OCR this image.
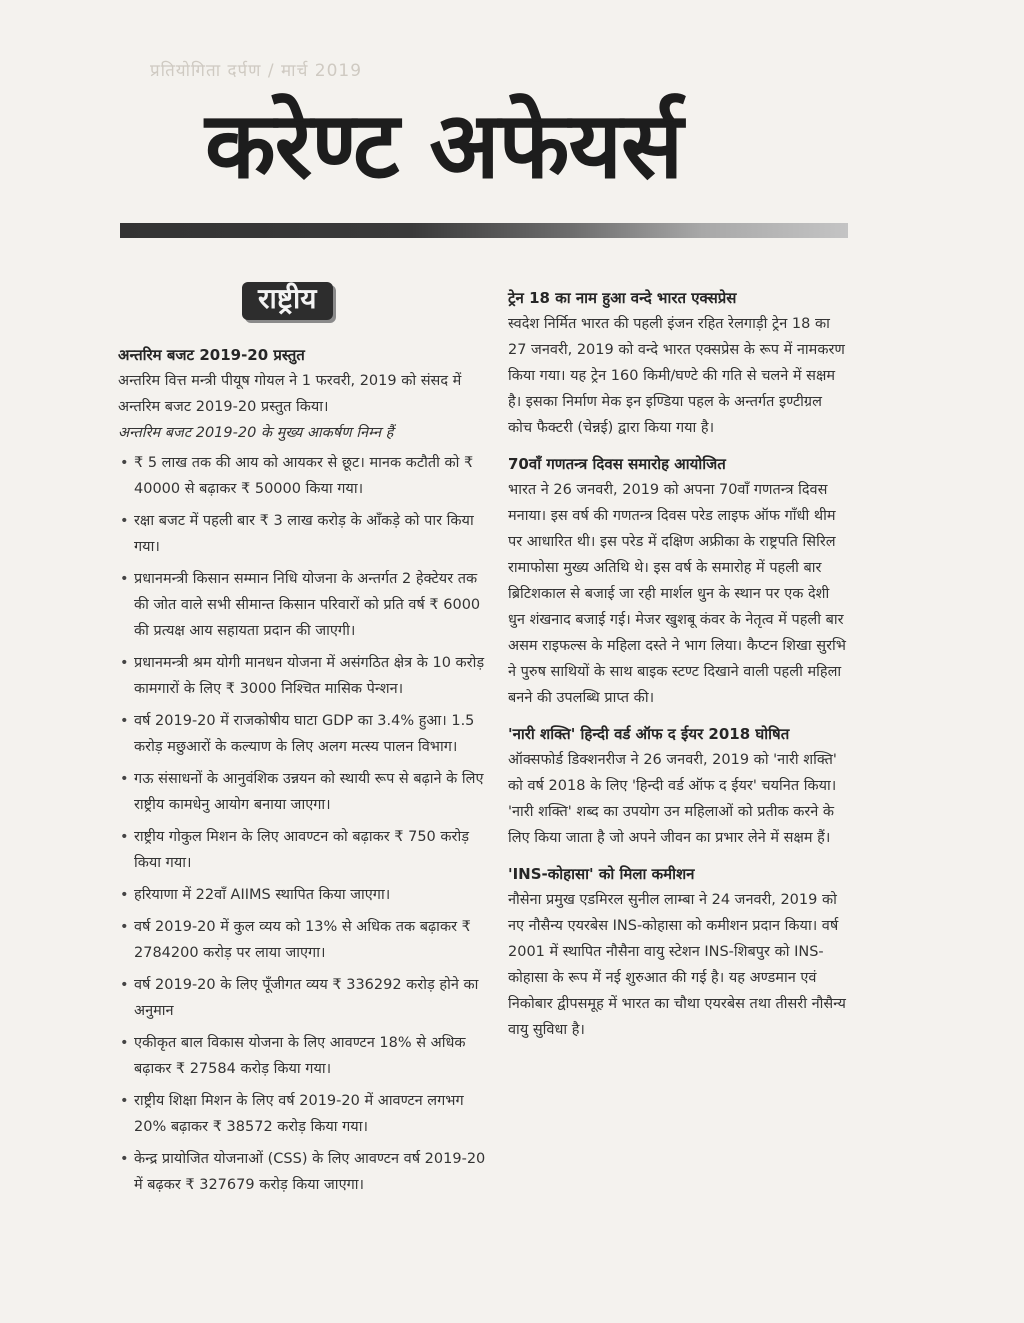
प्रतियोगिता दर्पण / मार्च 2019
करेण्ट अफेयर्स
राष्ट्रीय
अन्तरिम बजट 2019-20 प्रस्तुत

अन्तरिम वित्त मन्त्री पीयूष गोयल ने 1 फरवरी, 2019 को संसद में अन्तरिम बजट 2019-20 प्रस्तुत किया।

अन्तरिम बजट 2019-20 के मुख्य आकर्षण निम्न हैं

• ₹ 5 लाख तक की आय को आयकर से छूट। मानक कटौती को ₹ 40000 से बढ़ाकर ₹ 50000 किया गया।
• रक्षा बजट में पहली बार ₹ 3 लाख करोड़ के आँकड़े को पार किया गया।
• प्रधानमन्त्री किसान सम्मान निधि योजना के अन्तर्गत 2 हेक्टेयर तक की जोत वाले सभी सीमान्त किसान परिवारों को प्रति वर्ष ₹ 6000 की प्रत्यक्ष आय सहायता प्रदान की जाएगी।
• प्रधानमन्त्री श्रम योगी मानधन योजना में असंगठित क्षेत्र के 10 करोड़ कामगारों के लिए ₹ 3000 निश्चित मासिक पेन्शन।
• वर्ष 2019-20 में राजकोषीय घाटा GDP का 3.4% हुआ। 1.5 करोड़ मछुआरों के कल्याण के लिए अलग मत्स्य पालन विभाग।
• गऊ संसाधनों के आनुवंशिक उन्नयन को स्थायी रूप से बढ़ाने के लिए राष्ट्रीय कामधेनु आयोग बनाया जाएगा।
• राष्ट्रीय गोकुल मिशन के लिए आवण्टन को बढ़ाकर ₹ 750 करोड़ किया गया।
• हरियाणा में 22वाँ AIIMS स्थापित किया जाएगा।
• वर्ष 2019-20 में कुल व्यय को 13% से अधिक तक बढ़ाकर ₹ 2784200 करोड़ पर लाया जाएगा।
• वर्ष 2019-20 के लिए पूँजीगत व्यय ₹ 336292 करोड़ होने का अनुमान
• एकीकृत बाल विकास योजना के लिए आवण्टन 18% से अधिक बढ़ाकर ₹ 27584 करोड़ किया गया।
• राष्ट्रीय शिक्षा मिशन के लिए वर्ष 2019-20 में आवण्टन लगभग 20% बढ़ाकर ₹ 38572 करोड़ किया गया।
• केन्द्र प्रायोजित योजनाओं (CSS) के लिए आवण्टन वर्ष 2019-20 में बढ़कर ₹ 327679 करोड़ किया जाएगा।
ट्रेन 18 का नाम हुआ वन्दे भारत एक्सप्रेस

स्वदेश निर्मित भारत की पहली इंजन रहित रेलगाड़ी ट्रेन 18 का 27 जनवरी, 2019 को वन्दे भारत एक्सप्रेस के रूप में नामकरण किया गया। यह ट्रेन 160 किमी/घण्टे की गति से चलने में सक्षम है। इसका निर्माण मेक इन इण्डिया पहल के अन्तर्गत इण्टीग्रल कोच फैक्टरी (चेन्नई) द्वारा किया गया है।

70वाँ गणतन्त्र दिवस समारोह आयोजित

भारत ने 26 जनवरी, 2019 को अपना 70वाँ गणतन्त्र दिवस मनाया। इस वर्ष की गणतन्त्र दिवस परेड लाइफ ऑफ गाँधी थीम पर आधारित थी। इस परेड में दक्षिण अफ्रीका के राष्ट्रपति सिरिल रामाफोसा मुख्य अतिथि थे। इस वर्ष के समारोह में पहली बार ब्रिटिशकाल से बजाई जा रही मार्शल धुन के स्थान पर एक देशी धुन शंखनाद बजाई गई। मेजर खुशबू कंवर के नेतृत्व में पहली बार असम राइफल्स के महिला दस्ते ने भाग लिया। कैप्टन शिखा सुरभि ने पुरुष साथियों के साथ बाइक स्टण्ट दिखाने वाली पहली महिला बनने की उपलब्धि प्राप्त की।

'नारी शक्ति' हिन्दी वर्ड ऑफ द ईयर 2018 घोषित

ऑक्सफोर्ड डिक्शनरीज ने 26 जनवरी, 2019 को 'नारी शक्ति' को वर्ष 2018 के लिए 'हिन्दी वर्ड ऑफ द ईयर' चयनित किया। 'नारी शक्ति' शब्द का उपयोग उन महिलाओं को प्रतीक करने के लिए किया जाता है जो अपने जीवन का प्रभार लेने में सक्षम हैं।

'INS-कोहासा' को मिला कमीशन

नौसेना प्रमुख एडमिरल सुनील लाम्बा ने 24 जनवरी, 2019 को नए नौसैन्य एयरबेस INS-कोहासा को कमीशन प्रदान किया। वर्ष 2001 में स्थापित नौसैना वायु स्टेशन INS-शिबपुर को INS-कोहासा के रूप में नई शुरुआत की गई है। यह अण्डमान एवं निकोबार द्वीपसमूह में भारत का चौथा एयरबेस तथा तीसरी नौसैन्य वायु सुविधा है।
